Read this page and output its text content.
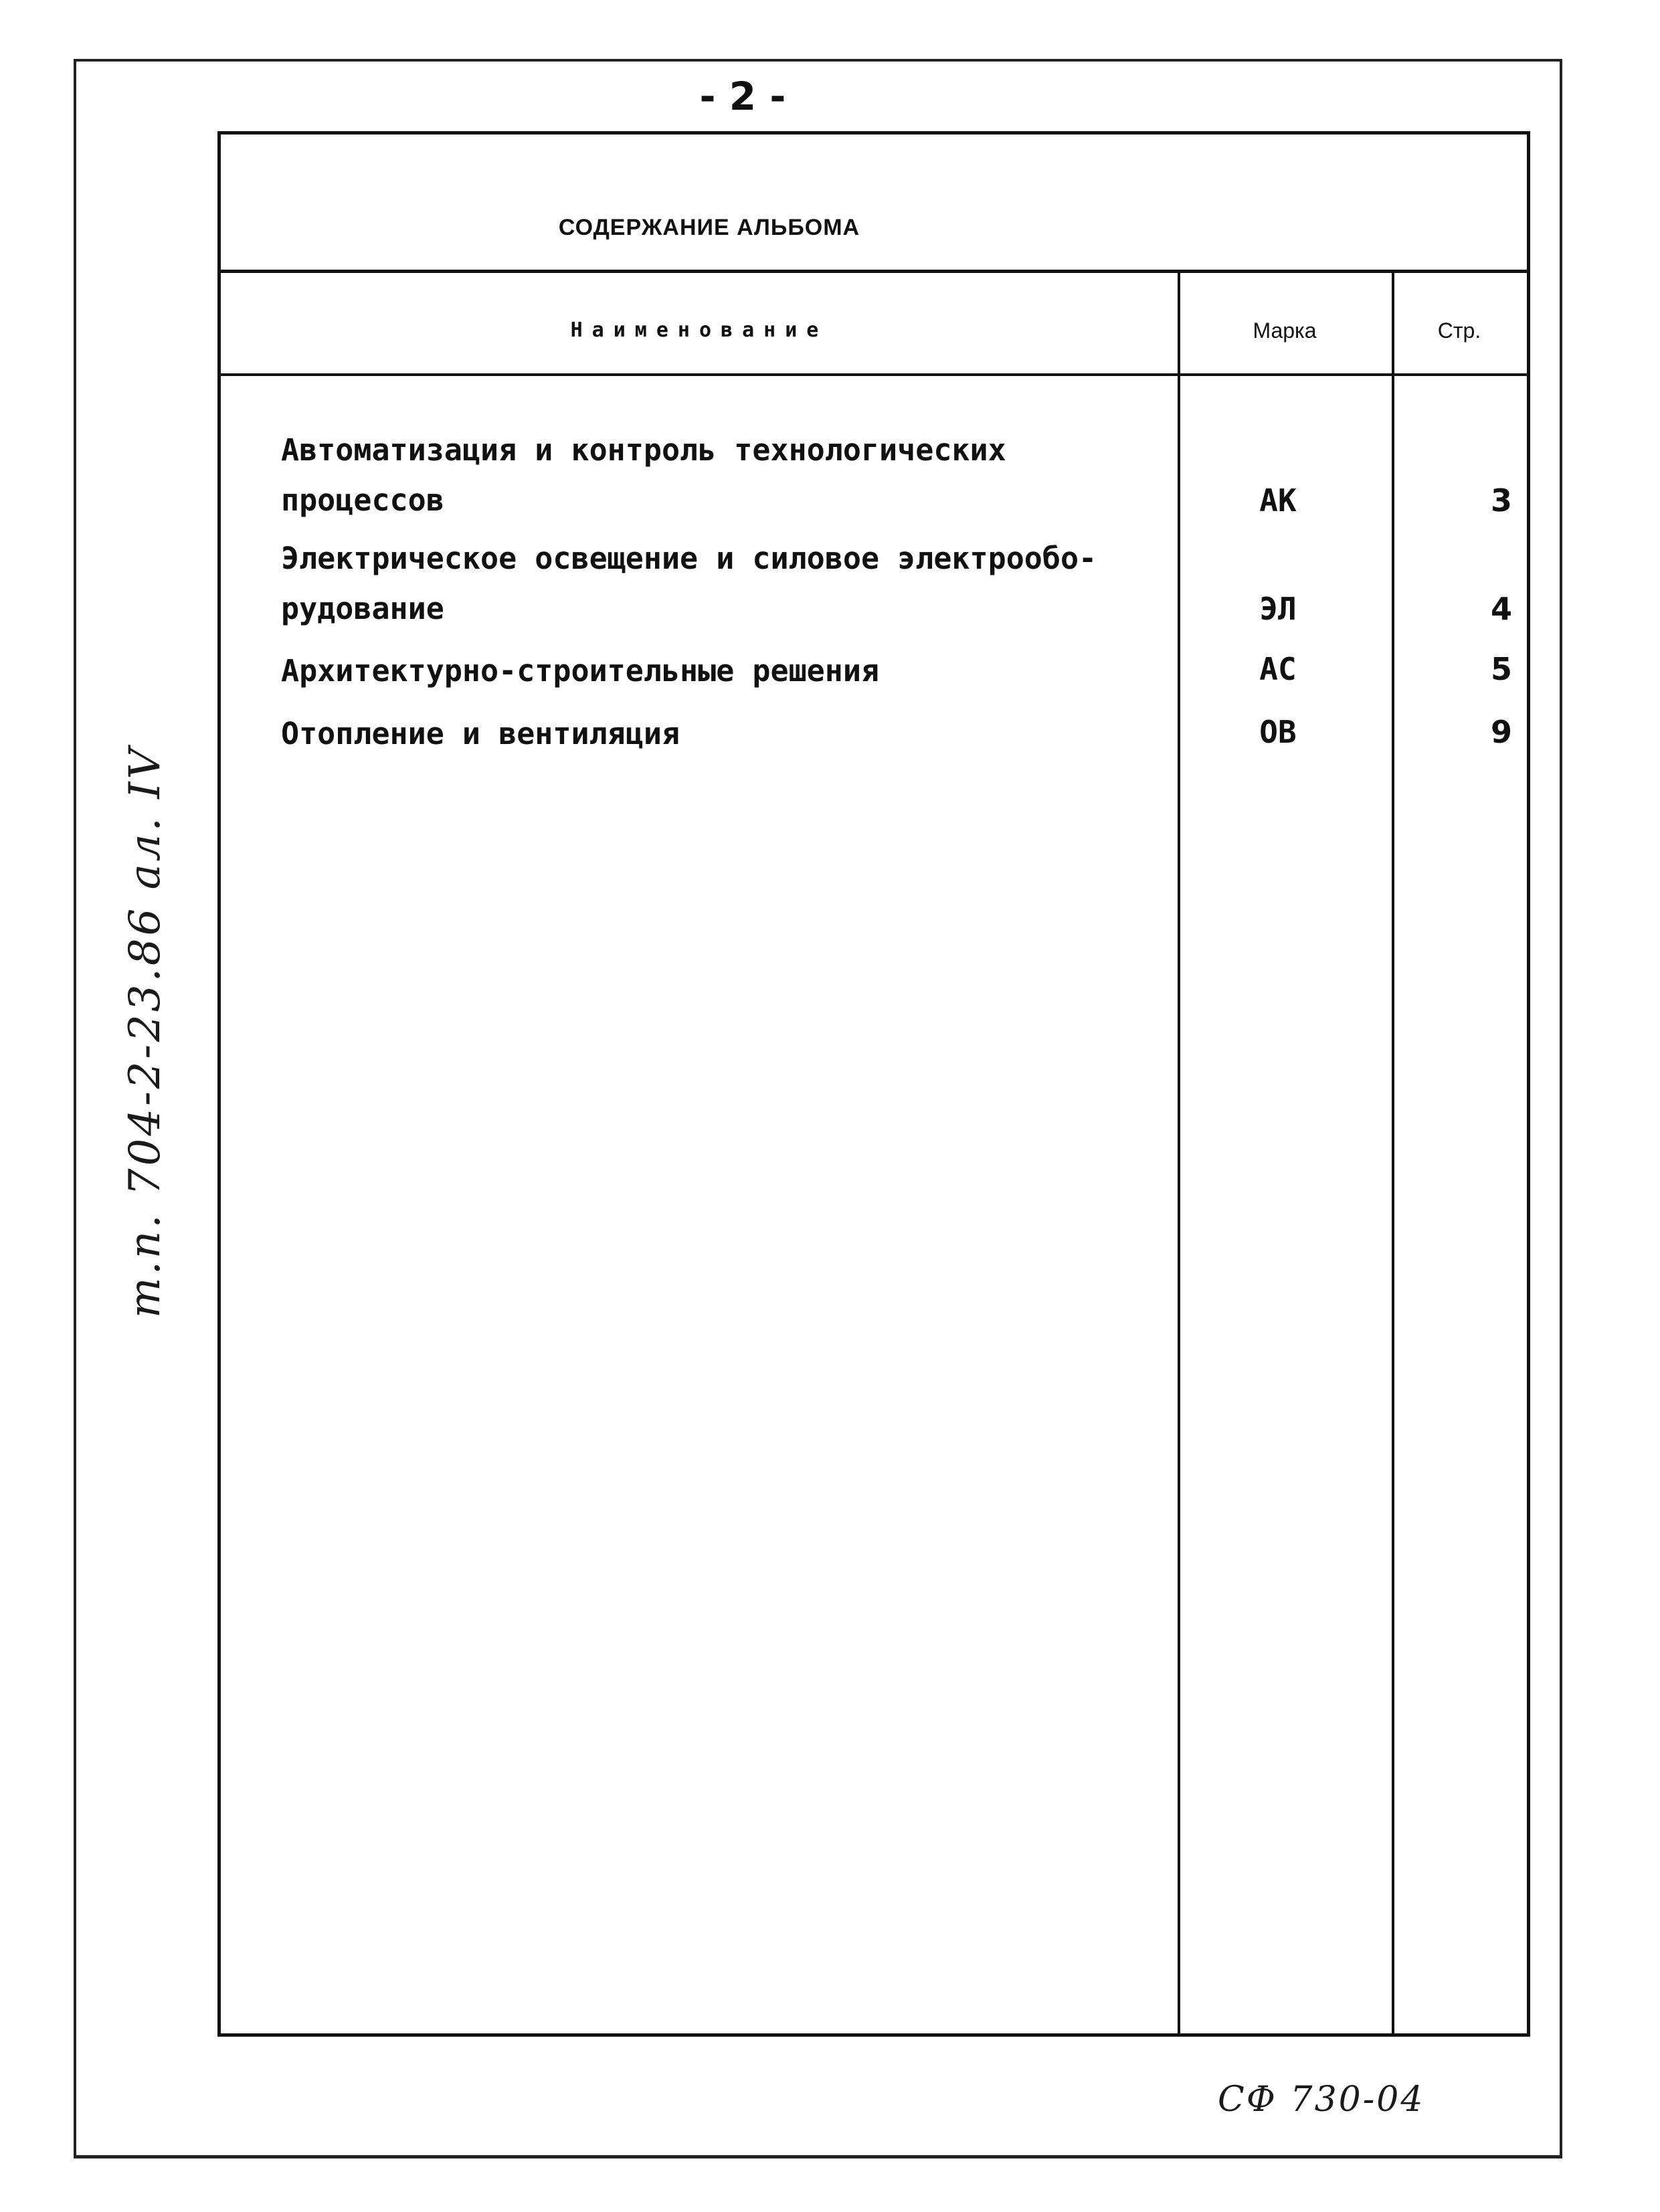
- 2 -
т.п. 704-2-23.86 ал. IV
СОДЕРЖАНИЕ АЛЬБОМА
Наименование	Марка	Стр.
Автоматизация и контроль технологических
процессов	АК	3
Электрическое освещение и силовое электрообо-
рудование	ЭЛ	4
Архитектурно-строительные решения	АС	5
Отопление и вентиляция	ОВ	9
СФ 730-04
